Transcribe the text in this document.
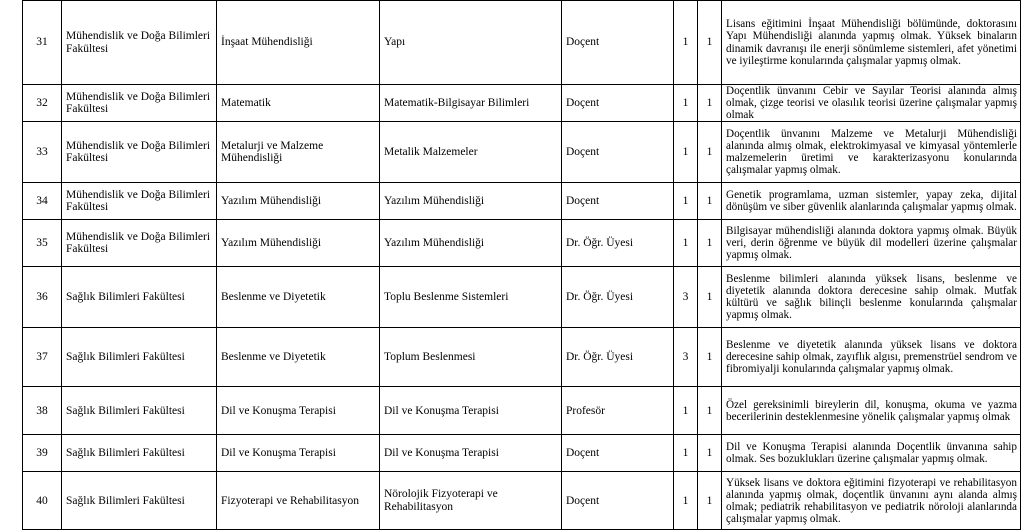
31	Mühendislik ve Doğa Bilimleri Fakültesi	İnşaat Mühendisliği	Yapı	Doçent	1	1	Lisans eğitimini İnşaat Mühendisliği bölümünde, doktorasını Yapı Mühendisliği alanında yapmış olmak. Yüksek binaların dinamik davranışı ile enerji sönümleme sistemleri, afet yönetimi ve iyileştirme konularında çalışmalar yapmış olmak.
32	Mühendislik ve Doğa Bilimleri Fakültesi	Matematik	Matematik-Bilgisayar Bilimleri	Doçent	1	1	Doçentlik ünvanını Cebir ve Sayılar Teorisi alanında almış olmak, çizge teorisi ve olasılık teorisi üzerine çalışmalar yapmış olmak
33	Mühendislik ve Doğa Bilimleri Fakültesi	Metalurji ve Malzeme Mühendisliği	Metalik Malzemeler	Doçent	1	1	Doçentlik ünvanını Malzeme ve Metalurji Mühendisliği alanında almış olmak, elektrokimyasal ve kimyasal yöntemlerle malzemelerin üretimi ve karakterizasyonu konularında çalışmalar yapmış olmak.
34	Mühendislik ve Doğa Bilimleri Fakültesi	Yazılım Mühendisliği	Yazılım Mühendisliği	Doçent	1	1	Genetik programlama, uzman sistemler, yapay zeka, dijital dönüşüm ve siber güvenlik alanlarında çalışmalar yapmış olmak.
35	Mühendislik ve Doğa Bilimleri Fakültesi	Yazılım Mühendisliği	Yazılım Mühendisliği	Dr. Öğr. Üyesi	1	1	Bilgisayar mühendisliği alanında doktora yapmış olmak. Büyük veri, derin öğrenme ve büyük dil modelleri üzerine çalışmalar yapmış olmak.
36	Sağlık Bilimleri Fakültesi	Beslenme ve Diyetetik	Toplu Beslenme Sistemleri	Dr. Öğr. Üyesi	3	1	Beslenme bilimleri alanında yüksek lisans, beslenme ve diyetetik alanında doktora derecesine sahip olmak. Mutfak kültürü ve sağlık bilinçli beslenme konularında çalışmalar yapmış olmak.
37	Sağlık Bilimleri Fakültesi	Beslenme ve Diyetetik	Toplum Beslenmesi	Dr. Öğr. Üyesi	3	1	Beslenme ve diyetetik alanında yüksek lisans ve doktora derecesine sahip olmak, zayıflık algısı, premenstrüel sendrom ve fibromiyalji konularında çalışmalar yapmış olmak.
38	Sağlık Bilimleri Fakültesi	Dil ve Konuşma Terapisi	Dil ve Konuşma Terapisi	Profesör	1	1	Özel gereksinimli bireylerin dil, konuşma, okuma ve yazma becerilerinin desteklenmesine yönelik çalışmalar yapmış olmak
39	Sağlık Bilimleri Fakültesi	Dil ve Konuşma Terapisi	Dil ve Konuşma Terapisi	Doçent	1	1	Dil ve Konuşma Terapisi alanında Doçentlik ünvanına sahip olmak. Ses bozuklukları üzerine çalışmalar yapmış olmak.
40	Sağlık Bilimleri Fakültesi	Fizyoterapi ve Rehabilitasyon	Nörolojik Fizyoterapi ve Rehabilitasyon	Doçent	1	1	Yüksek lisans ve doktora eğitimini fizyoterapi ve rehabilitasyon alanında yapmış olmak, doçentlik ünvanını aynı alanda almış olmak; pediatrik rehabilitasyon ve pediatrik nöroloji alanlarında çalışmalar yapmış olmak.
